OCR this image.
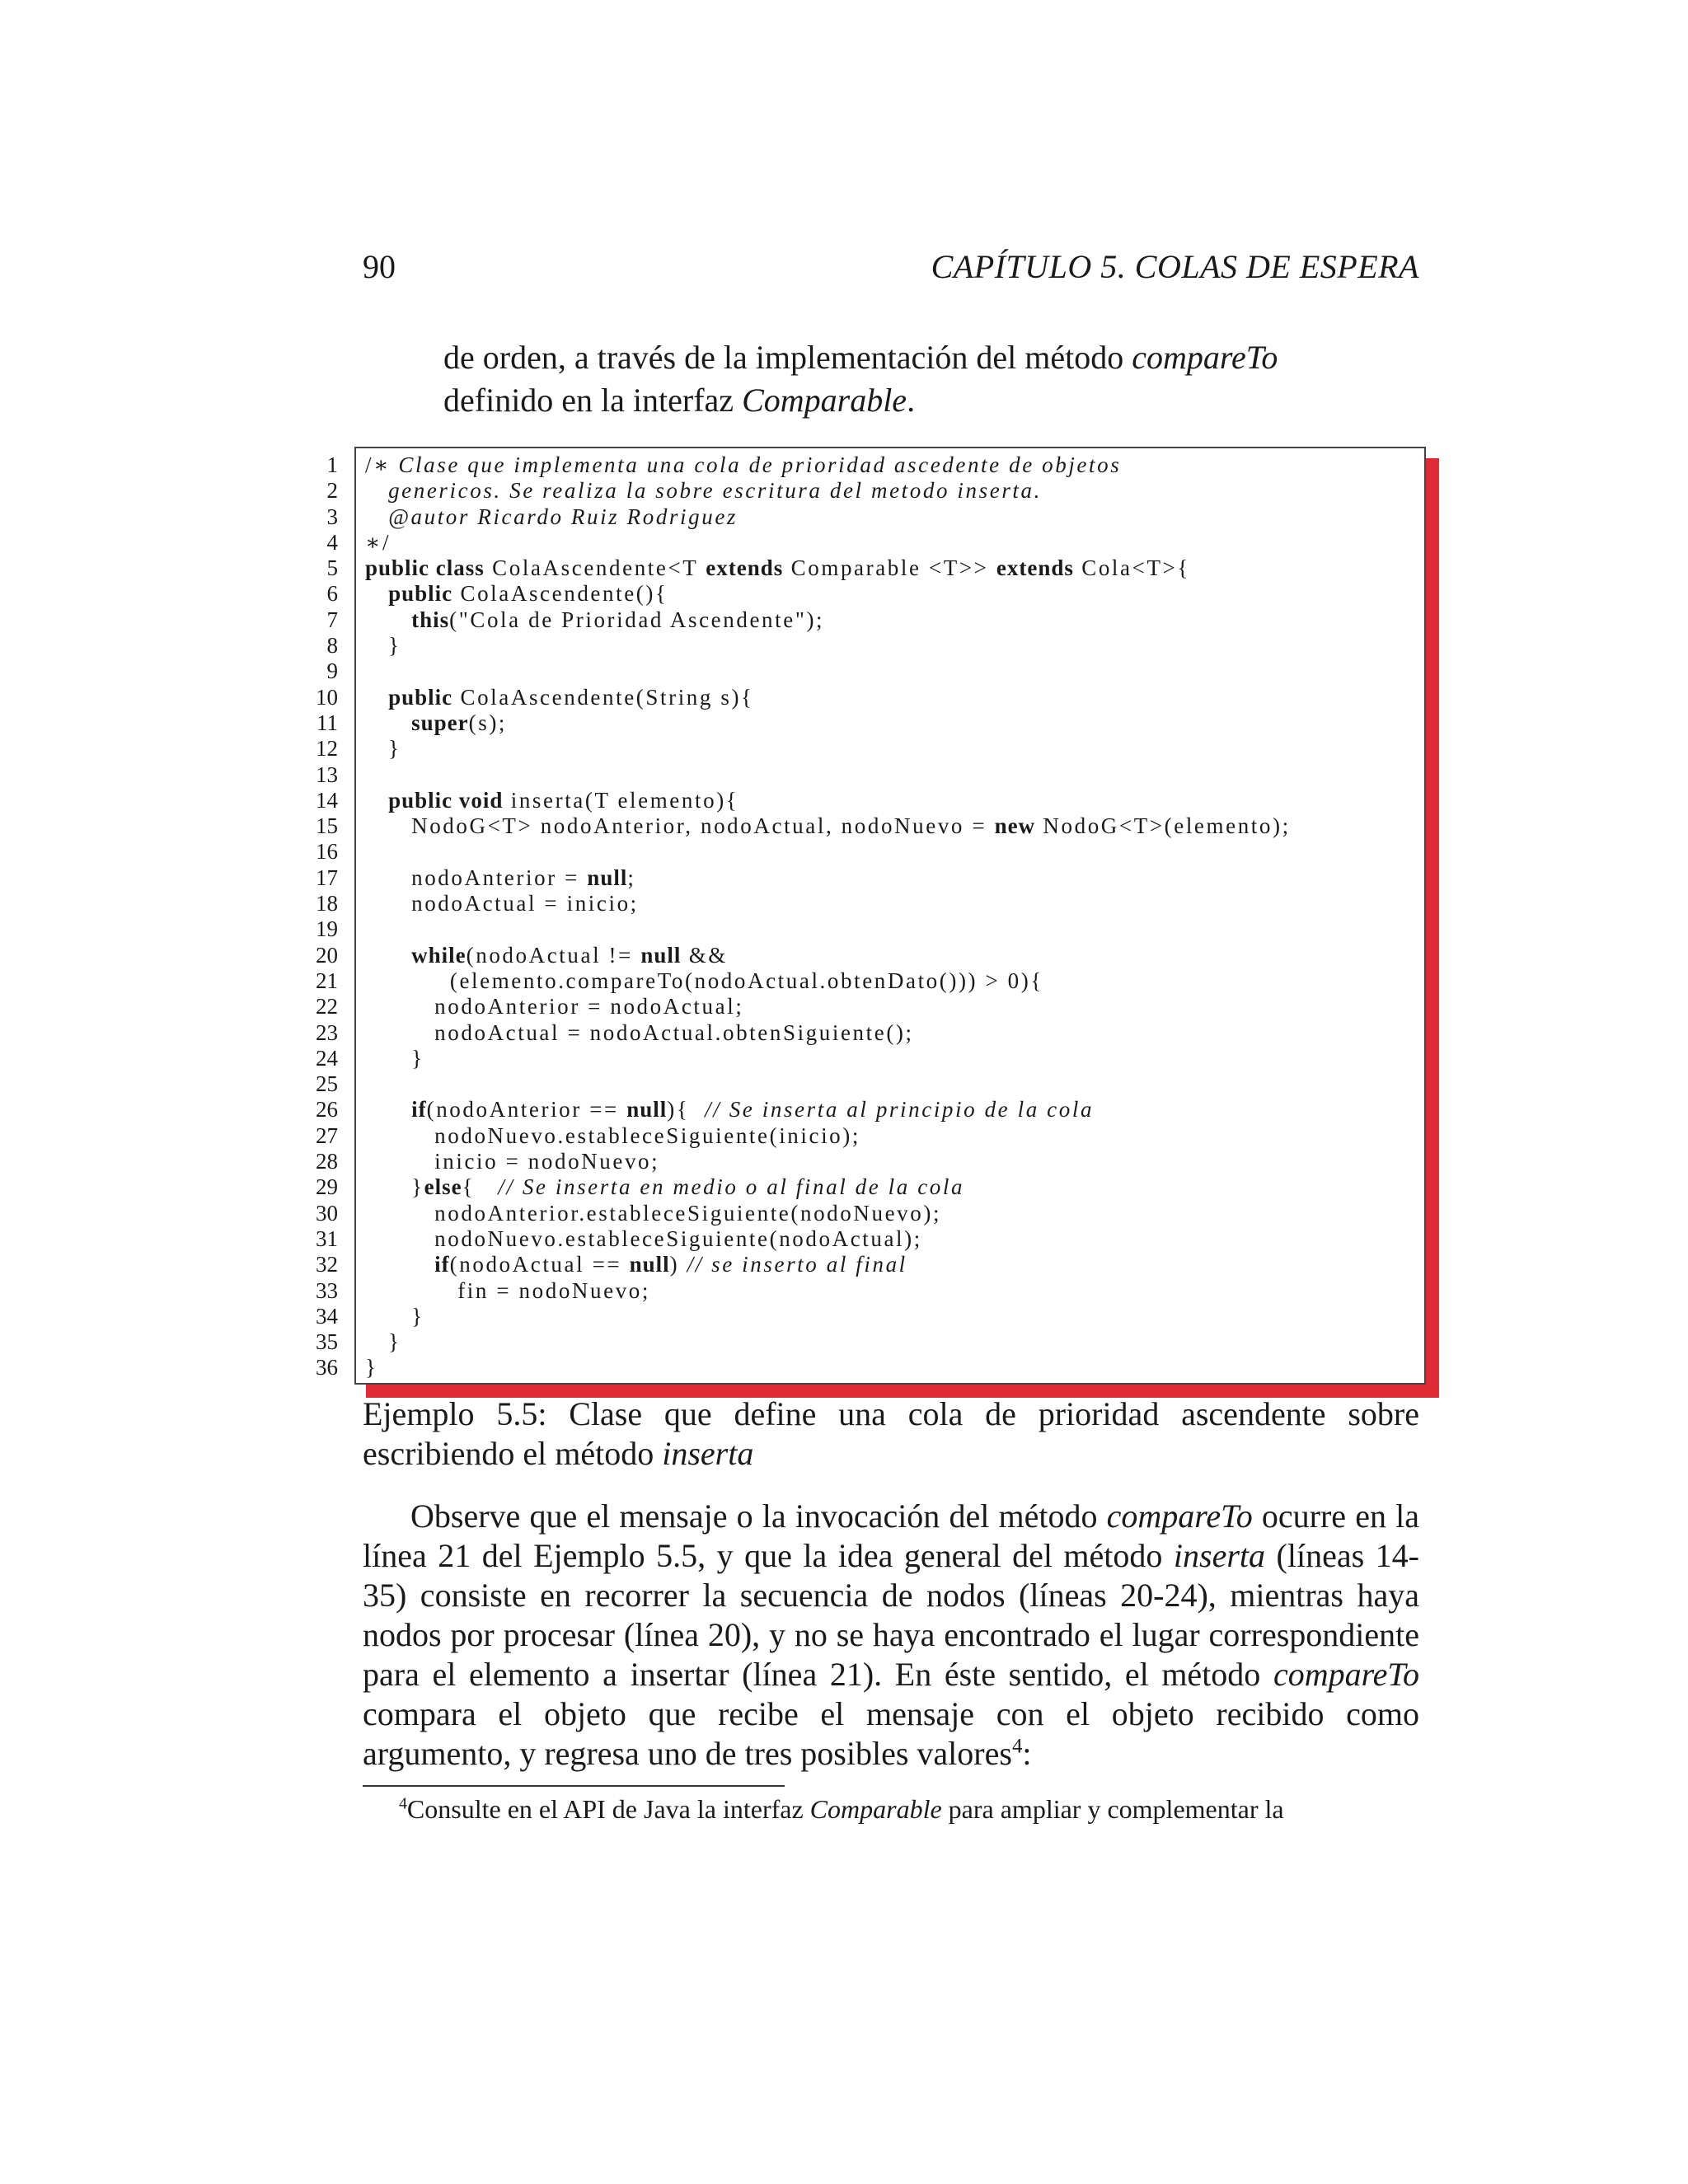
90	CAPÍTULO 5. COLAS DE ESPERA

de orden, a través de la implementación del método compareTo

definido en la interfaz Comparable.

1
2
3
4
5
6
7
8
9
10
11
12
13
14
15
16
17
18
19
20
21
22
23
24
25
26
27
28
29
30
31
32
33
34
35
36
/∗ Clase que implementa una cola de prioridad ascedente de objetos
genericos. Se realiza la sobre escritura del metodo inserta.
@autor Ricardo Ruiz Rodriguez
∗/
public class ColaAscendente<T extends Comparable <T>> extends Cola<T>{
public ColaAscendente(){
this("Cola de Prioridad Ascendente");
}
public ColaAscendente(String s){
super(s);
}
public void inserta(T elemento){
NodoG<T> nodoAnterior, nodoActual, nodoNuevo = new NodoG<T>(elemento);
nodoAnterior = null;
nodoActual = inicio;
while(nodoActual != null &&
(elemento.compareTo(nodoActual.obtenDato())) > 0){
nodoAnterior = nodoActual;
nodoActual = nodoActual.obtenSiguiente();
}
if(nodoAnterior == null){  // Se inserta al principio de la cola
nodoNuevo.estableceSiguiente(inicio);
inicio = nodoNuevo;
}else{   // Se inserta en medio o al final de la cola
nodoAnterior.estableceSiguiente(nodoNuevo);
nodoNuevo.estableceSiguiente(nodoActual);
if(nodoActual == null) // se inserto al final
fin = nodoNuevo;
}
}
}
Ejemplo 5.5: Clase que define una cola de prioridad ascendente sobre escribiendo el método inserta

Observe que el mensaje o la invocación del método compareTo ocurre en la línea 21 del Ejemplo 5.5, y que la idea general del método inserta (líneas 14-35) consiste en recorrer la secuencia de nodos (líneas 20-24), mientras haya nodos por procesar (línea 20), y no se haya encontrado el lugar correspondiente para el elemento a insertar (línea 21). En éste sentido, el método compareTo compara el objeto que recibe el mensaje con el objeto recibido como argumento, y regresa uno de tres posibles valores$^4$:

$^4$Consulte en el API de Java la interfaz Comparable para ampliar y complementar la
